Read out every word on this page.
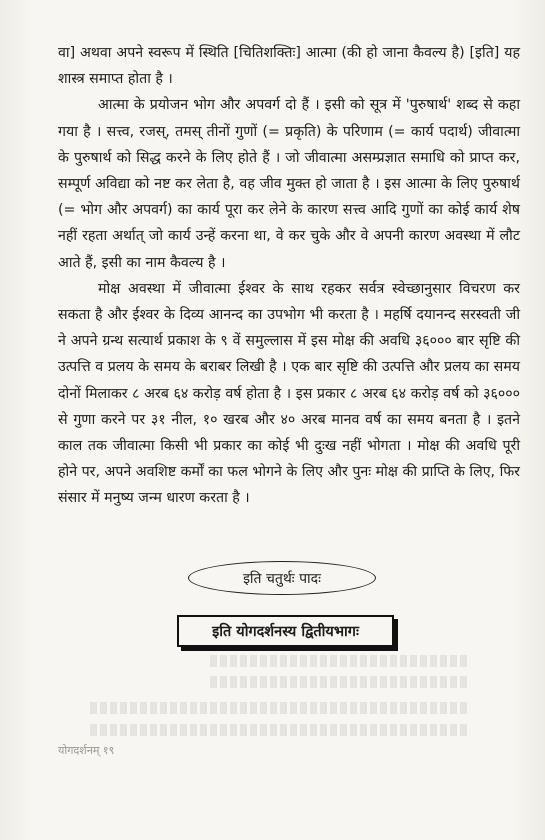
वा] अथवा अपने स्वरूप में स्थिति [चितिशक्तिः] आत्मा (की हो जाना कैवल्य है) [इति] यह शास्त्र समाप्त होता है ।

आत्मा के प्रयोजन भोग और अपवर्ग दो हैं । इसी को सूत्र में 'पुरुषार्थ' शब्द से कहा गया है । सत्त्व, रजस्, तमस् तीनों गुणों (= प्रकृति) के परिणाम (= कार्य पदार्थ) जीवात्मा के पुरुषार्थ को सिद्ध करने के लिए होते हैं । जो जीवात्मा असम्प्रज्ञात समाधि को प्राप्त कर, सम्पूर्ण अविद्या को नष्ट कर लेता है, वह जीव मुक्त हो जाता है । इस आत्मा के लिए पुरुषार्थ (= भोग और अपवर्ग) का कार्य पूरा कर लेने के कारण सत्त्व आदि गुणों का कोई कार्य शेष नहीं रहता अर्थात् जो कार्य उन्हें करना था, वे कर चुके और वे अपनी कारण अवस्था में लौट आते हैं, इसी का नाम कैवल्य है ।

मोक्ष अवस्था में जीवात्मा ईश्वर के साथ रहकर सर्वत्र स्वेच्छानुसार विचरण कर सकता है और ईश्वर के दिव्य आनन्द का उपभोग भी करता है । महर्षि दयानन्द सरस्वती जी ने अपने ग्रन्थ सत्यार्थ प्रकाश के ९ वें समुल्लास में इस मोक्ष की अवधि ३६००० बार सृष्टि की उत्पत्ति व प्रलय के समय के बराबर लिखी है । एक बार सृष्टि की उत्पत्ति और प्रलय का समय दोनों मिलाकर ८ अरब ६४ करोड़ वर्ष होता है । इस प्रकार ८ अरब ६४ करोड़ वर्ष को ३६००० से गुणा करने पर ३१ नील, १० खरब और ४० अरब मानव वर्ष का समय बनता है । इतने काल तक जीवात्मा किसी भी प्रकार का कोई भी दुःख नहीं भोगता । मोक्ष की अवधि पूरी होने पर, अपने अवशिष्ट कर्मों का फल भोगने के लिए और पुनः मोक्ष की प्राप्ति के लिए, फिर संसार में मनुष्य जन्म धारण करता है ।

इति चतुर्थः पादः
इति योगदर्शनस्य द्वितीयभागः
योगदर्शनम् १९
